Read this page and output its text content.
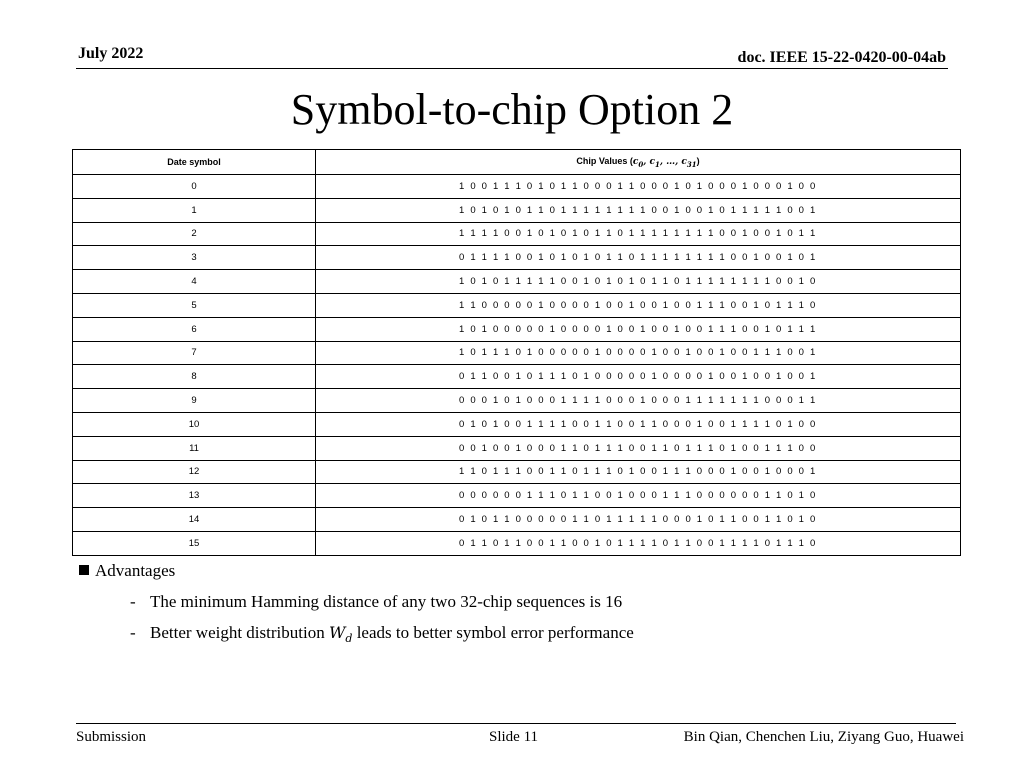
July 2022	doc. IEEE 15-22-0420-00-04ab
Symbol-to-chip Option 2
Date symbol	Chip Values ($c_0$, $c_1$, …, $c_{31}$)
0	1 0 0 1 1 1 0 1 0 1 1 0 0 0 1 1 0 0 0 1 0 1 0 0 0 1 0 0 0 1 0 0
1	1 0 1 0 1 0 1 1 0 1 1 1 1 1 1 1 1 0 0 1 0 0 1 0 1 1 1 1 1 0 0 1
2	1 1 1 1 0 0 1 0 1 0 1 0 1 1 0 1 1 1 1 1 1 1 1 0 0 1 0 0 1 0 1 1
3	0 1 1 1 1 0 0 1 0 1 0 1 0 1 1 0 1 1 1 1 1 1 1 1 0 0 1 0 0 1 0 1
4	1 0 1 0 1 1 1 1 1 0 0 1 0 1 0 1 0 1 1 0 1 1 1 1 1 1 1 1 0 0 1 0
5	1 1 0 0 0 0 0 1 0 0 0 0 1 0 0 1 0 0 1 0 0 1 1 1 0 0 1 0 1 1 1 0
6	1 0 1 0 0 0 0 0 1 0 0 0 0 1 0 0 1 0 0 1 0 0 1 1 1 0 0 1 0 1 1 1
7	1 0 1 1 1 0 1 0 0 0 0 0 1 0 0 0 0 1 0 0 1 0 0 1 0 0 1 1 1 0 0 1
8	0 1 1 0 0 1 0 1 1 1 0 1 0 0 0 0 0 1 0 0 0 0 1 0 0 1 0 0 1 0 0 1
9	0 0 0 1 0 1 0 0 0 1 1 1 1 0 0 0 1 0 0 0 1 1 1 1 1 1 1 0 0 0 1 1
10	0 1 0 1 0 0 1 1 1 1 0 0 1 1 0 0 1 1 0 0 0 1 0 0 1 1 1 1 0 1 0 0
11	0 0 1 0 0 1 0 0 0 1 1 0 1 1 1 0 0 1 1 0 1 1 1 0 1 0 0 1 1 1 0 0
12	1 1 0 1 1 1 0 0 1 1 0 1 1 1 0 1 0 0 1 1 1 0 0 0 1 0 0 1 0 0 0 1
13	0 0 0 0 0 0 1 1 1 0 1 1 0 0 1 0 0 0 1 1 1 0 0 0 0 0 0 1 1 0 1 0
14	0 1 0 1 1 0 0 0 0 0 1 1 0 1 1 1 1 1 0 0 0 1 0 1 1 0 0 1 1 0 1 0
15	0 1 1 0 1 1 0 0 1 1 0 0 1 0 1 1 1 1 0 1 1 0 0 1 1 1 1 0 1 1 1 0
Advantages
- The minimum Hamming distance of any two 32-chip sequences is 16
- Better weight distribution $W_d$ leads to better symbol error performance
Submission	Slide 11	Bin Qian, Chenchen Liu, Ziyang Guo, Huawei
